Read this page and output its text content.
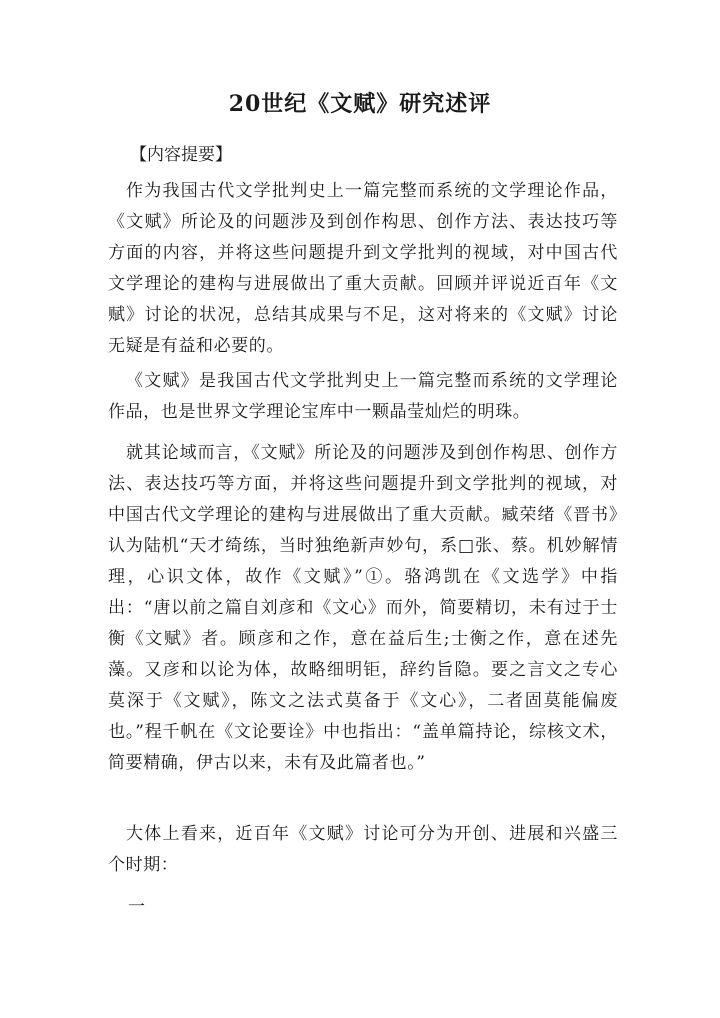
20世纪《文赋》研究述评
【内容提要】
作为我国古代文学批判史上一篇完整而系统的文学理论作品，《文赋》所论及的问题涉及到创作构思、创作方法、表达技巧等方面的内容，并将这些问题提升到文学批判的视域，对中国古代文学理论的建构与进展做出了重大贡献。回顾并评说近百年《文赋》讨论的状况，总结其成果与不足，这对将来的《文赋》讨论无疑是有益和必要的。
《文赋》是我国古代文学批判史上一篇完整而系统的文学理论作品，也是世界文学理论宝库中一颗晶莹灿烂的明珠。
就其论域而言，《文赋》所论及的问题涉及到创作构思、创作方法、表达技巧等方面，并将这些问题提升到文学批判的视域，对中国古代文学理论的建构与进展做出了重大贡献。臧荣绪《晋书》认为陆机“天才绮练，当时独绝新声妙句，系□张、蔡。机妙解情理，心识文体，故作《文赋》”①。骆鸿凯在《文选学》中指出：“唐以前之篇自刘彦和《文心》而外，简要精切，未有过于士衡《文赋》者。顾彦和之作，意在益后生;士衡之作，意在述先藻。又彦和以论为体，故略细明钜，辞约旨隐。要之言文之专心莫深于《文赋》，陈文之法式莫备于《文心》，二者固莫能偏废也。”程千帆在《文论要诠》中也指出：“盖单篇持论，综核文术，简要精确，伊古以来，未有及此篇者也。”
大体上看来，近百年《文赋》讨论可分为开创、进展和兴盛三个时期：
一
